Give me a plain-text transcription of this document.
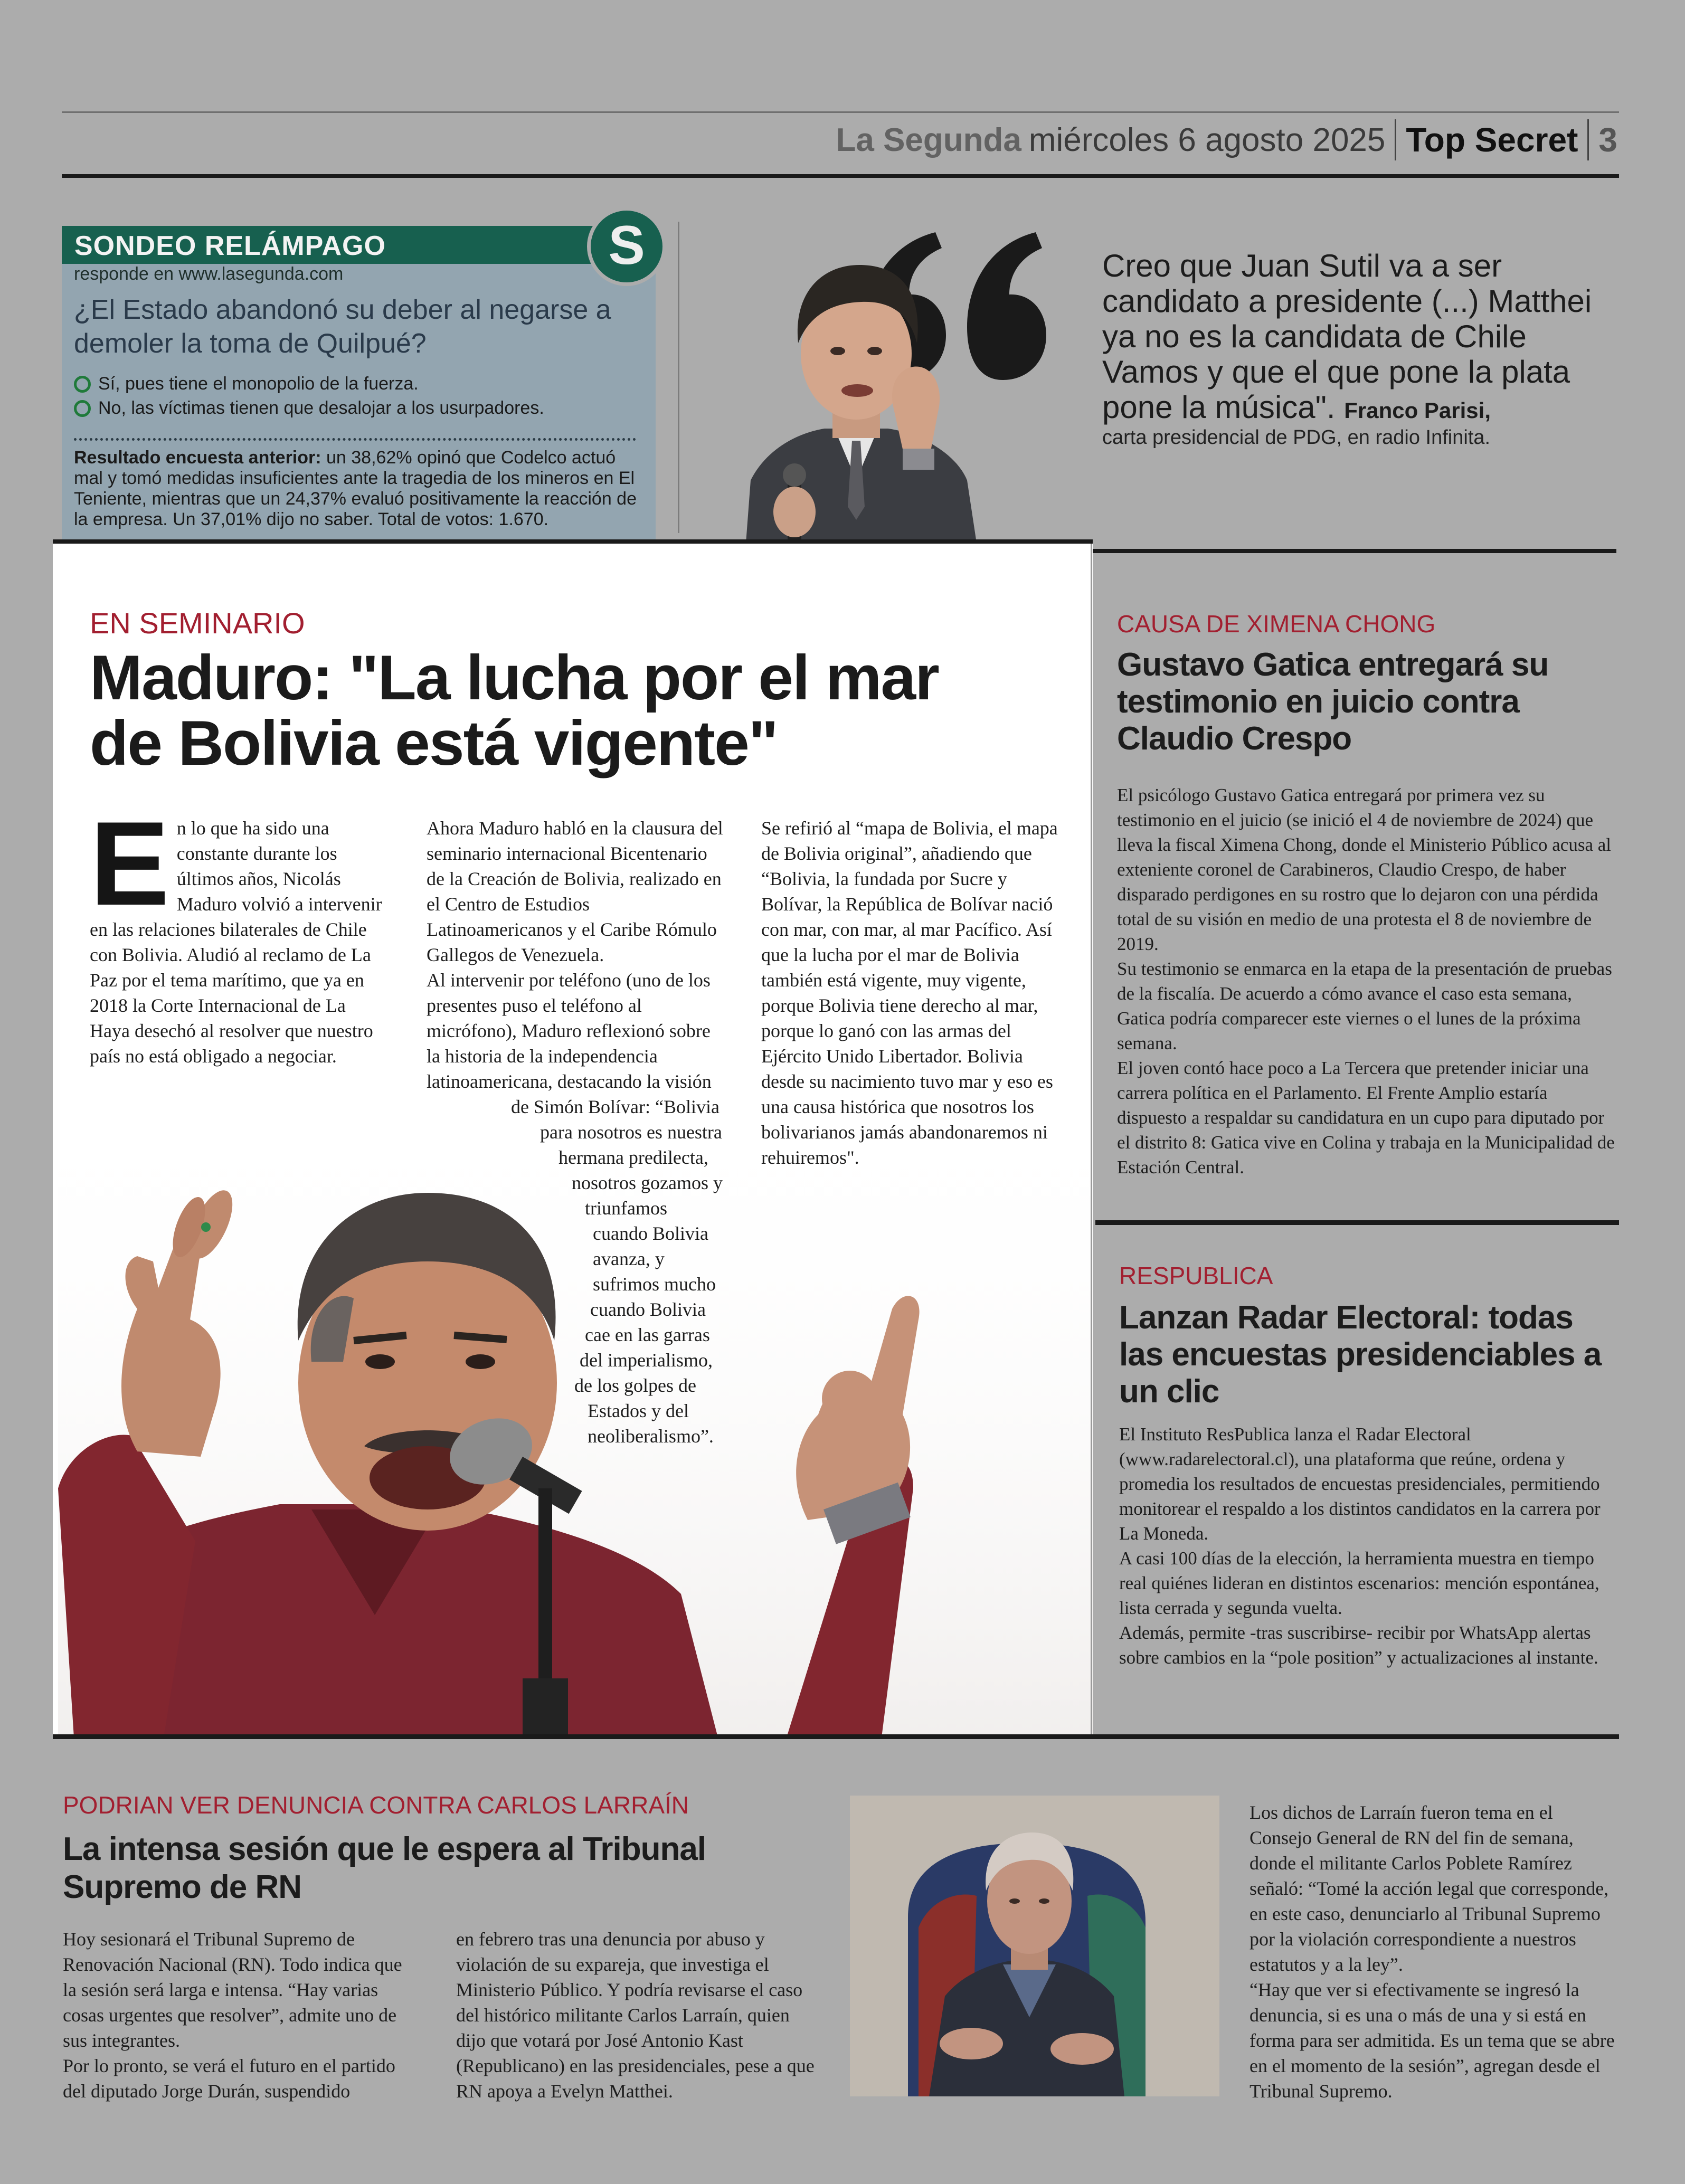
La Segunda miércoles 6 agosto 2025 Top Secret 3
SONDEO RELÁMPAGO	S
responde en www.lasegunda.com
¿El Estado abandonó su deber al negarse a demoler la toma de Quilpué?
Sí, pues tiene el monopolio de la fuerza.
No, las víctimas tienen que desalojar a los usurpadores.
Resultado encuesta anterior: un 38,62% opinó que Codelco actuó mal y tomó medidas insuficientes ante la tragedia de los mineros en El Teniente, mientras que un 24,37% evaluó positivamente la reacción de la empresa. Un 37,01% dijo no saber. Total de votos: 1.670.
Creo que Juan Sutil va a ser candidato a presidente (...) Matthei ya no es la candidata de Chile Vamos y que el que pone la plata pone la música". Franco Parisi,
carta presidencial de PDG, en radio Infinita.
EN SEMINARIO
Maduro: "La lucha por el mar de Bolivia está vigente"
E n lo que ha sido una constante durante los últimos años, Nicolás Maduro volvió a intervenir en las relaciones bilaterales de Chile con Bolivia. Aludió al reclamo de La Paz por el tema marítimo, que ya en 2018 la Corte Internacional de La Haya desechó al resolver que nuestro país no está obligado a negociar.

Ahora Maduro habló en la clausura del seminario internacional Bicentenario de la Creación de Bolivia, realizado en el Centro de Estudios Latinoamericanos y el Caribe Rómulo Gallegos de Venezuela.

Al intervenir por teléfono (uno de los presentes puso el teléfono al micrófono), Maduro reflexionó sobre la historia de la independencia latinoamericana, destacando la visión de Simón Bolívar: “Bolivia para nosotros es nuestra hermana predilecta, nosotros gozamos y triunfamos cuando Bolivia avanza, y sufrimos mucho cuando Bolivia cae en las garras del imperialismo, de los golpes de Estados y del neoliberalismo”.

Se refirió al “mapa de Bolivia, el mapa de Bolivia original”, añadiendo que “Bolivia, la fundada por Sucre y Bolívar, la República de Bolívar nació con mar, con mar, al mar Pacífico. Así que la lucha por el mar de Bolivia también está vigente, muy vigente, porque Bolivia tiene derecho al mar, porque lo ganó con las armas del Ejército Unido Libertador. Bolivia desde su nacimiento tuvo mar y eso es una causa histórica que nosotros los bolivarianos jamás abandonaremos ni rehuiremos".

CAUSA DE XIMENA CHONG
Gustavo Gatica entregará su testimonio en juicio contra Claudio Crespo

El psicólogo Gustavo Gatica entregará por primera vez su testimonio en el juicio (se inició el 4 de noviembre de 2024) que lleva la fiscal Ximena Chong, donde el Ministerio Público acusa al exteniente coronel de Carabineros, Claudio Crespo, de haber disparado perdigones en su rostro que lo dejaron con una pérdida total de su visión en medio de una protesta el 8 de noviembre de 2019.

Su testimonio se enmarca en la etapa de la presentación de pruebas de la fiscalía. De acuerdo a cómo avance el caso esta semana, Gatica podría comparecer este viernes o el lunes de la próxima semana.

El joven contó hace poco a La Tercera que pretender iniciar una carrera política en el Parlamento. El Frente Amplio estaría dispuesto a respaldar su candidatura en un cupo para diputado por el distrito 8: Gatica vive en Colina y trabaja en la Municipalidad de Estación Central.

RESPUBLICA
Lanzan Radar Electoral: todas las encuestas presidenciables a un clic

El Instituto ResPublica lanza el Radar Electoral (www.radarelectoral.cl), una plataforma que reúne, ordena y promedia los resultados de encuestas presidenciales, permitiendo monitorear el respaldo a los distintos candidatos en la carrera por La Moneda.

A casi 100 días de la elección, la herramienta muestra en tiempo real quiénes lideran en distintos escenarios: mención espontánea, lista cerrada y segunda vuelta.

Además, permite -tras suscribirse- recibir por WhatsApp alertas sobre cambios en la “pole position” y actualizaciones al instante.

PODRIAN VER DENUNCIA CONTRA CARLOS LARRAÍN
La intensa sesión que le espera al Tribunal Supremo de RN

Hoy sesionará el Tribunal Supremo de Renovación Nacional (RN). Todo indica que la sesión será larga e intensa. “Hay varias cosas urgentes que resolver”, admite uno de sus integrantes.

Por lo pronto, se verá el futuro en el partido del diputado Jorge Durán, suspendido

en febrero tras una denuncia por abuso y violación de su expareja, que investiga el Ministerio Público. Y podría revisarse el caso del histórico militante Carlos Larraín, quien dijo que votará por José Antonio Kast (Republicano) en las presidenciales, pese a que RN apoya a Evelyn Matthei.

Los dichos de Larraín fueron tema en el Consejo General de RN del fin de semana, donde el militante Carlos Poblete Ramírez señaló: “Tomé la acción legal que corresponde, en este caso, denunciarlo al Tribunal Supremo por la violación correspondiente a nuestros estatutos y a la ley”.

“Hay que ver si efectivamente se ingresó la denuncia, si es una o más de una y si está en forma para ser admitida. Es un tema que se abre en el momento de la sesión”, agregan desde el Tribunal Supremo.
